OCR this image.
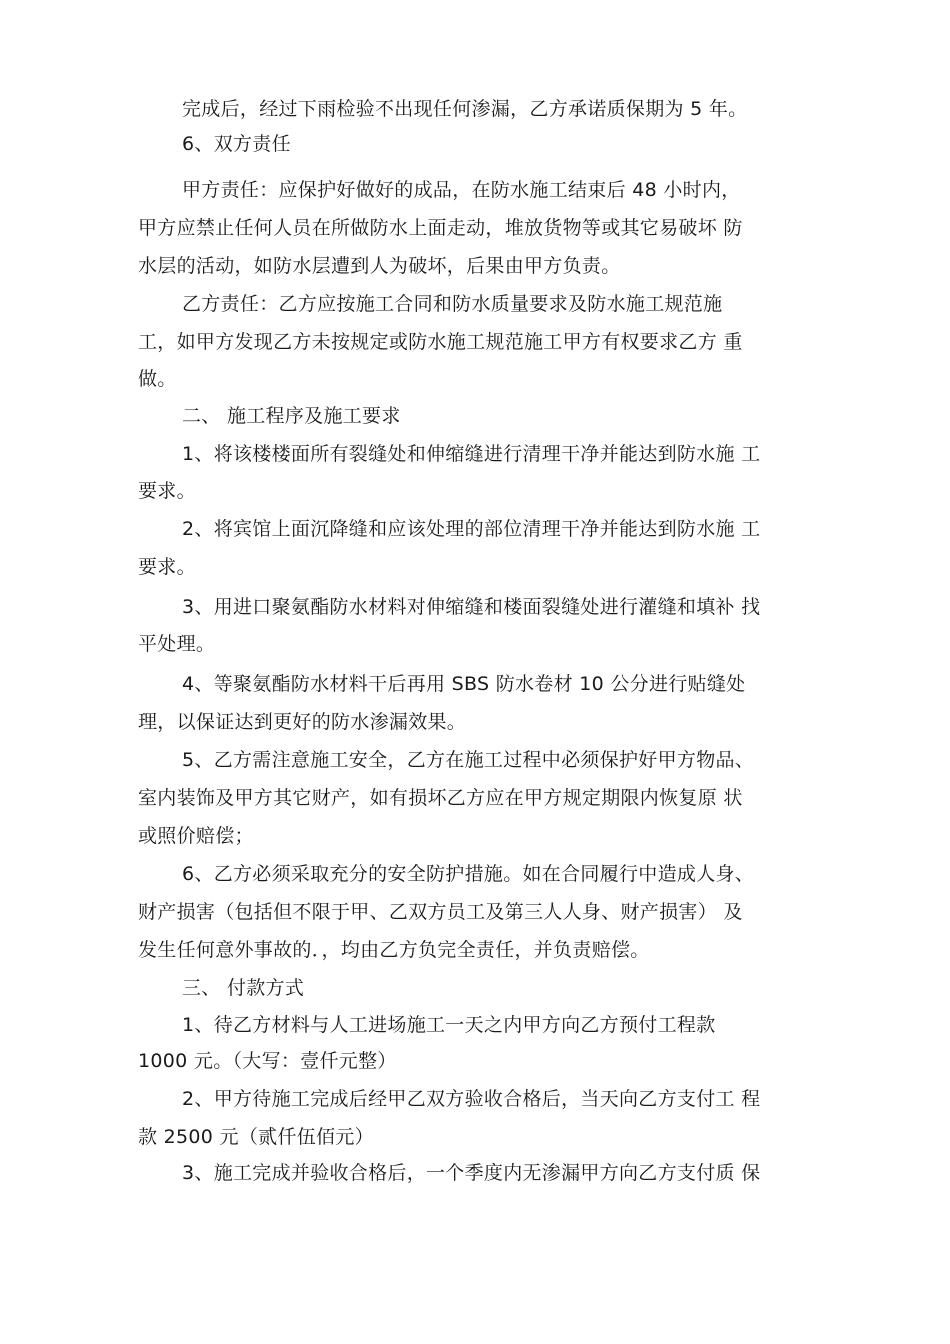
完成后，经过下雨检验不出现任何渗漏，乙方承诺质保期为 5 年。
6、双方责任
甲方责任：应保护好做好的成品，在防水施工结束后 48 小时内，
甲方应禁止任何人员在所做防水上面走动，堆放货物等或其它易破坏 防
水层的活动，如防水层遭到人为破坏，后果由甲方负责。
乙方责任：乙方应按施工合同和防水质量要求及防水施工规范施
工，如甲方发现乙方未按规定或防水施工规范施工甲方有权要求乙方 重
做。
二、 施工程序及施工要求
1、将该楼楼面所有裂缝处和伸缩缝进行清理干净并能达到防水施 工
要求。
2、将宾馆上面沉降缝和应该处理的部位清理干净并能达到防水施 工
要求。
3、用进口聚氨酯防水材料对伸缩缝和楼面裂缝处进行灌缝和填补 找
平处理。
4、等聚氨酯防水材料干后再用 SBS 防水卷材 10 公分进行贴缝处
理，以保证达到更好的防水渗漏效果。
5、乙方需注意施工安全，乙方在施工过程中必须保护好甲方物品、
室内装饰及甲方其它财产，如有损坏乙方应在甲方规定期限内恢复原 状
或照价赔偿；
6、乙方必须采取充分的安全防护措施。如在合同履行中造成人身、
财产损害（包括但不限于甲、乙双方员工及第三人人身、财产损害） 及
发生任何意外事故的．，均由乙方负完全责任，并负责赔偿。
三、 付款方式
1、待乙方材料与人工进场施工一天之内甲方向乙方预付工程款
1000 元。（大写：壹仟元整）
2、甲方待施工完成后经甲乙双方验收合格后，当天向乙方支付工 程
款 2500 元（贰仟伍佰元）
3、施工完成并验收合格后，一个季度内无渗漏甲方向乙方支付质 保
